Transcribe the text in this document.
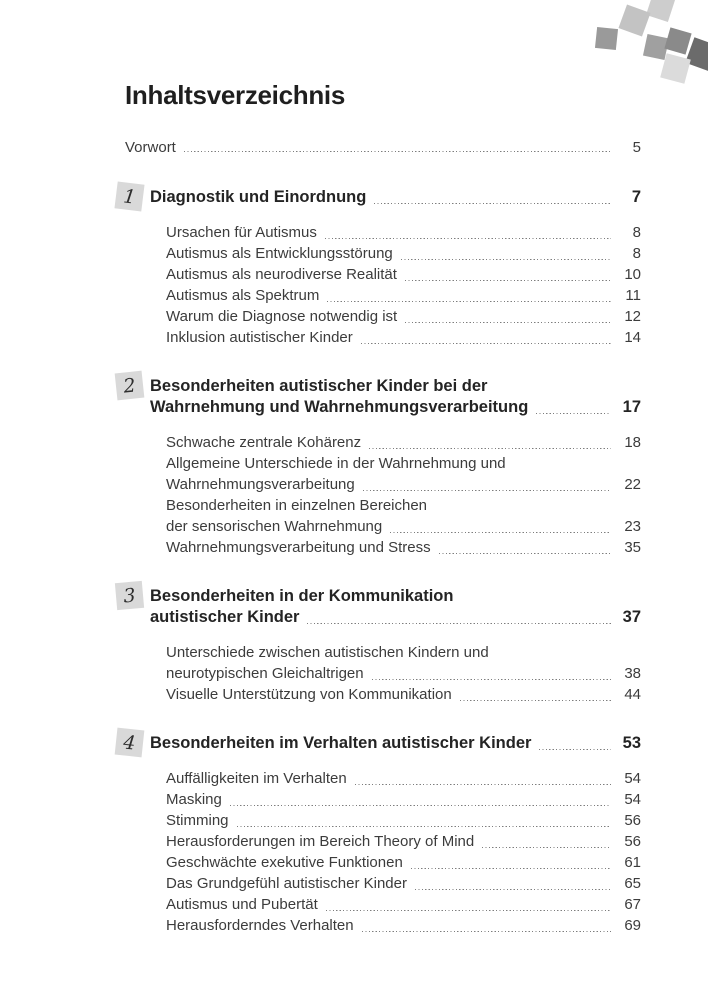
Inhaltsverzeichnis
Vorwort	5
1 Diagnostik und Einordnung	7
Ursachen für Autismus	8
Autismus als Entwicklungsstörung	8
Autismus als neurodiverse Realität	10
Autismus als Spektrum	11
Warum die Diagnose notwendig ist	12
Inklusion autistischer Kinder	14
2 Besonderheiten autistischer Kinder bei der
Wahrnehmung und Wahrnehmungsverarbeitung	17
Schwache zentrale Kohärenz	18
Allgemeine Unterschiede in der Wahrnehmung und
Wahrnehmungsverarbeitung	22
Besonderheiten in einzelnen Bereichen
der sensorischen Wahrnehmung	23
Wahrnehmungsverarbeitung und Stress	35
3 Besonderheiten in der Kommunikation
autistischer Kinder	37
Unterschiede zwischen autistischen Kindern und
neurotypischen Gleichaltrigen	38
Visuelle Unterstützung von Kommunikation	44
4 Besonderheiten im Verhalten autistischer Kinder	53
Auffälligkeiten im Verhalten	54
Masking	54
Stimming	56
Herausforderungen im Bereich Theory of Mind	56
Geschwächte exekutive Funktionen	61
Das Grundgefühl autistischer Kinder	65
Autismus und Pubertät	67
Herausforderndes Verhalten	69
